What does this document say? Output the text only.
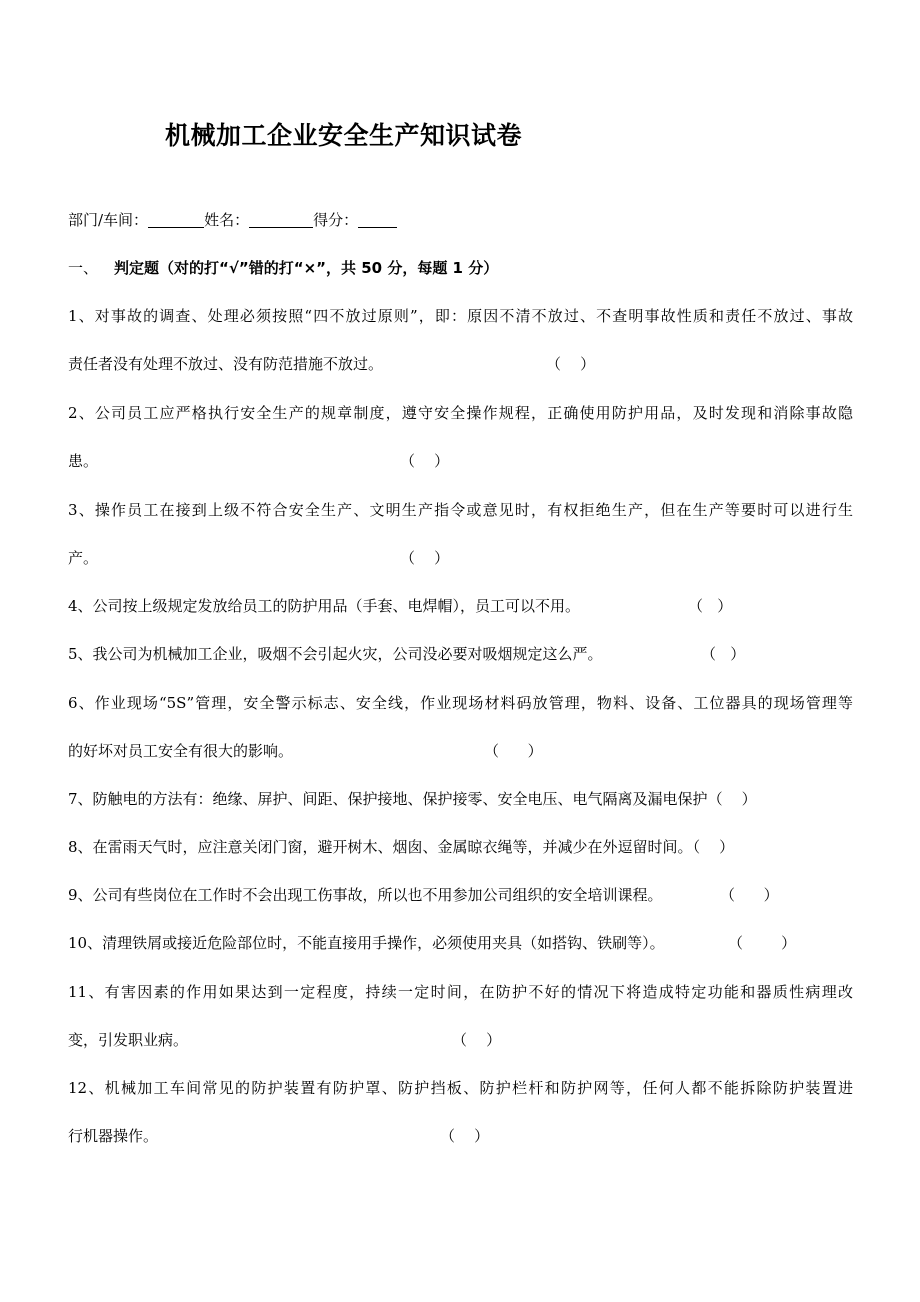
机械加工企业安全生产知识试卷
部门/车间：	姓名：	得分：
一、 判定题（对的打“√”错的打“×”，共 50 分，每题 1 分）
1、对事故的调查、处理必须按照“四不放过原则”，即：原因不清不放过、不查明事故性质和责任不放过、事故
责任者没有处理不放过、没有防范措施不放过。	（    ）
2、公司员工应严格执行安全生产的规章制度，遵守安全操作规程，正确使用防护用品，及时发现和消除事故隐
患。	（    ）
3、操作员工在接到上级不符合安全生产、文明生产指令或意见时，有权拒绝生产，但在生产等要时可以进行生
产。	（    ）
4、公司按上级规定发放给员工的防护用品（手套、电焊帽），员工可以不用。	（   ）
5、我公司为机械加工企业，吸烟不会引起火灾，公司没必要对吸烟规定这么严。	（   ）
6、作业现场“5S”管理，安全警示标志、安全线，作业现场材料码放管理，物料、设备、工位器具的现场管理等
的好坏对员工安全有很大的影响。	（      ）
7、防触电的方法有：绝缘、屏护、间距、保护接地、保护接零、安全电压、电气隔离及漏电保护（    ）
8、在雷雨天气时，应注意关闭门窗，避开树木、烟囱、金属晾衣绳等，并减少在外逗留时间。（    ）
9、公司有些岗位在工作时不会出现工伤事故，所以也不用参加公司组织的安全培训课程。	（      ）
10、清理铁屑或接近危险部位时，不能直接用手操作，必须使用夹具（如搭钩、铁刷等）。	（        ）
11、有害因素的作用如果达到一定程度，持续一定时间，在防护不好的情况下将造成特定功能和器质性病理改
变，引发职业病。	（    ）
12、机械加工车间常见的防护装置有防护罩、防护挡板、防护栏杆和防护网等，任何人都不能拆除防护装置进
行机器操作。	（    ）
